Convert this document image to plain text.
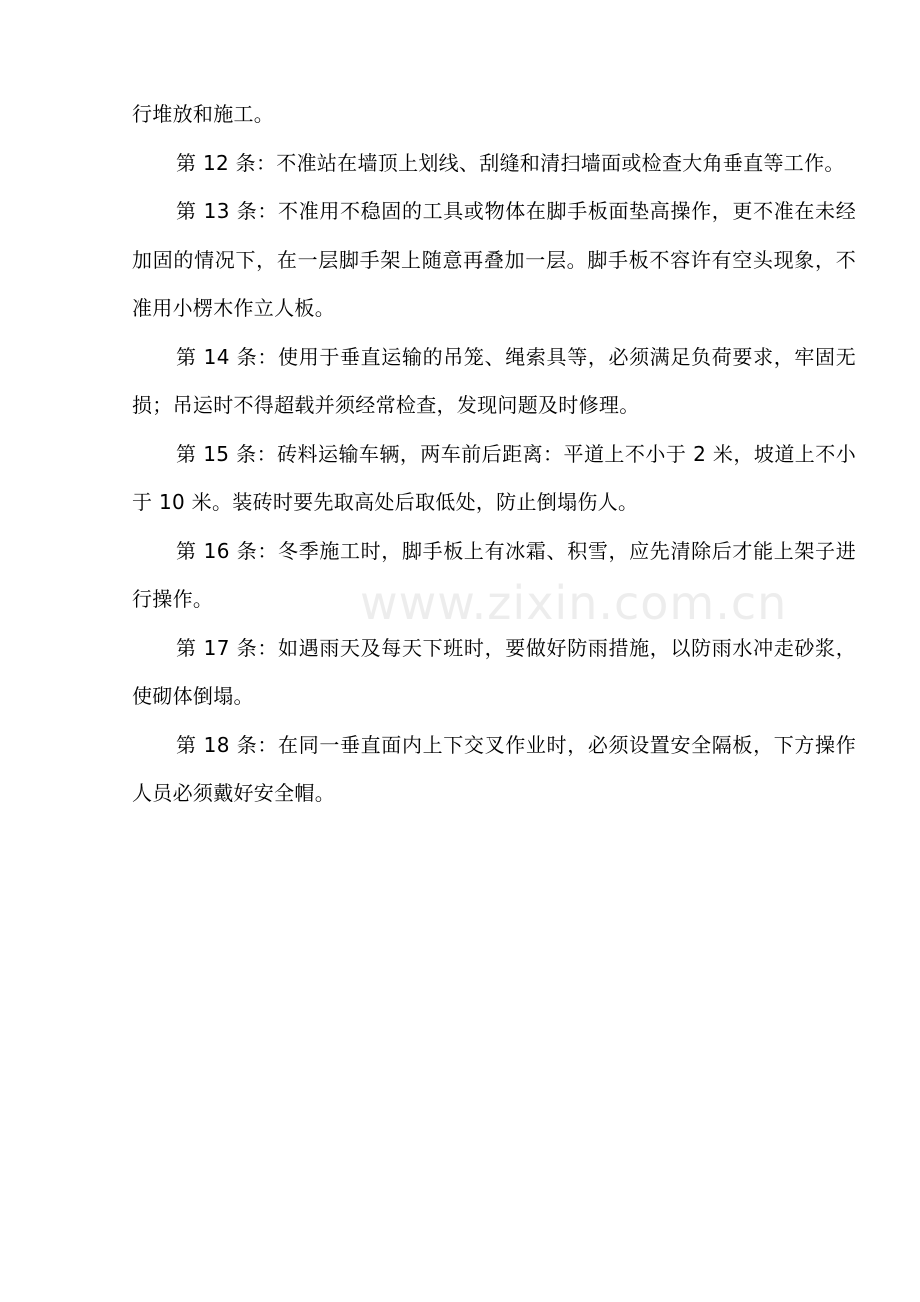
行堆放和施工。

第 12 条：不准站在墙顶上划线、刮缝和清扫墙面或检查大角垂直等工作。

第 13 条：不准用不稳固的工具或物体在脚手板面垫高操作，更不准在未经加固的情况下，在一层脚手架上随意再叠加一层。脚手板不容许有空头现象，不准用小楞木作立人板。

第 14 条：使用于垂直运输的吊笼、绳索具等，必须满足负荷要求，牢固无损；吊运时不得超载并须经常检查，发现问题及时修理。

第 15 条：砖料运输车辆，两车前后距离：平道上不小于 2 米，坡道上不小于 10 米。装砖时要先取高处后取低处，防止倒塌伤人。

第 16 条：冬季施工时，脚手板上有冰霜、积雪，应先清除后才能上架子进行操作。

第 17 条：如遇雨天及每天下班时，要做好防雨措施，以防雨水冲走砂浆，使砌体倒塌。

第 18 条：在同一垂直面内上下交叉作业时，必须设置安全隔板，下方操作人员必须戴好安全帽。

www.zixin.com.cn
